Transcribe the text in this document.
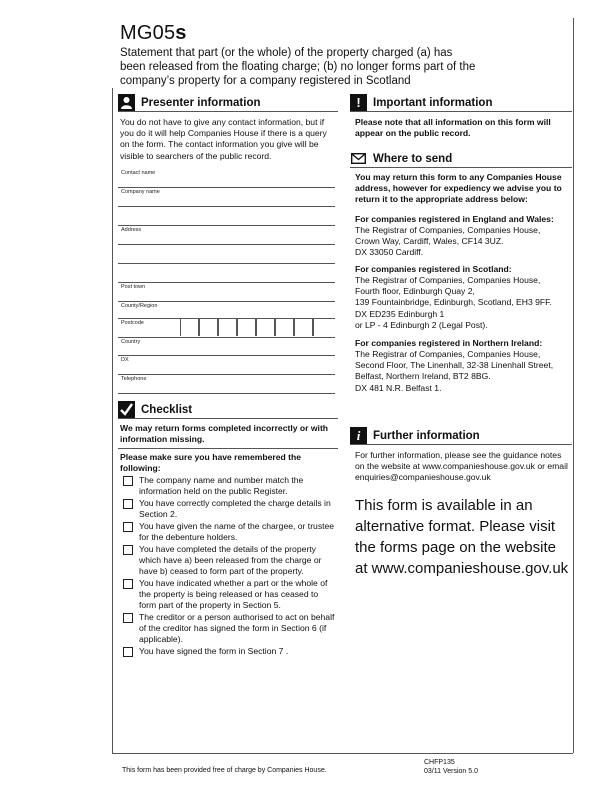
MG05s
Statement that part (or the whole) of the property charged (a) has been released from the floating charge; (b) no longer forms part of the company’s property for a company registered in Scotland
Presenter information
You do not have to give any contact information, but if you do it will help Companies House if there is a query on the form. The contact information you give will be visible to searchers of the public record.
Contact name
Company name
Address
Post town
County/Region
Postcode
Country
DX
Telephone
Checklist
We may return forms completed incorrectly or with information missing.
Please make sure you have remembered the following:
The company name and number match the information held on the public Register.
You have correctly completed the charge details in Section 2.
You have given the name of the chargee, or trustee for the debenture holders.
You have completed the details of the property which have a) been released from the charge or have b) ceased to form part of the property.
You have indicated whether a part or the whole of the property is being released or has ceased to form part of the property in Section 5.
The creditor or a person authorised to act on behalf of the creditor has signed the form in Section 6 (if applicable).
You have signed the form in Section 7 .
!	Important information
Please note that all information on this form will appear on the public record.
Where to send
You may return this form to any Companies House address, however for expediency we advise you to return it to the appropriate address below:
For companies registered in England and Wales:
The Registrar of Companies, Companies House,
Crown Way, Cardiff, Wales, CF14 3UZ.
DX 33050 Cardiff.
For companies registered in Scotland:
The Registrar of Companies, Companies House,
Fourth floor, Edinburgh Quay 2,
139 Fountainbridge, Edinburgh, Scotland, EH3 9FF.
DX ED235 Edinburgh 1
or LP - 4 Edinburgh 2 (Legal Post).
For companies registered in Northern Ireland:
The Registrar of Companies, Companies House,
Second Floor, The Linenhall, 32-38 Linenhall Street,
Belfast, Northern Ireland, BT2 8BG.
DX 481 N.R. Belfast 1.
i	Further information
For further information, please see the guidance notes on the website at www.companieshouse.gov.uk or email enquiries@companieshouse.gov.uk
This form is available in an alternative format. Please visit the forms page on the website at www.companieshouse.gov.uk
This form has been provided free of charge by Companies House.
CHFP135
03/11 Version 5.0
